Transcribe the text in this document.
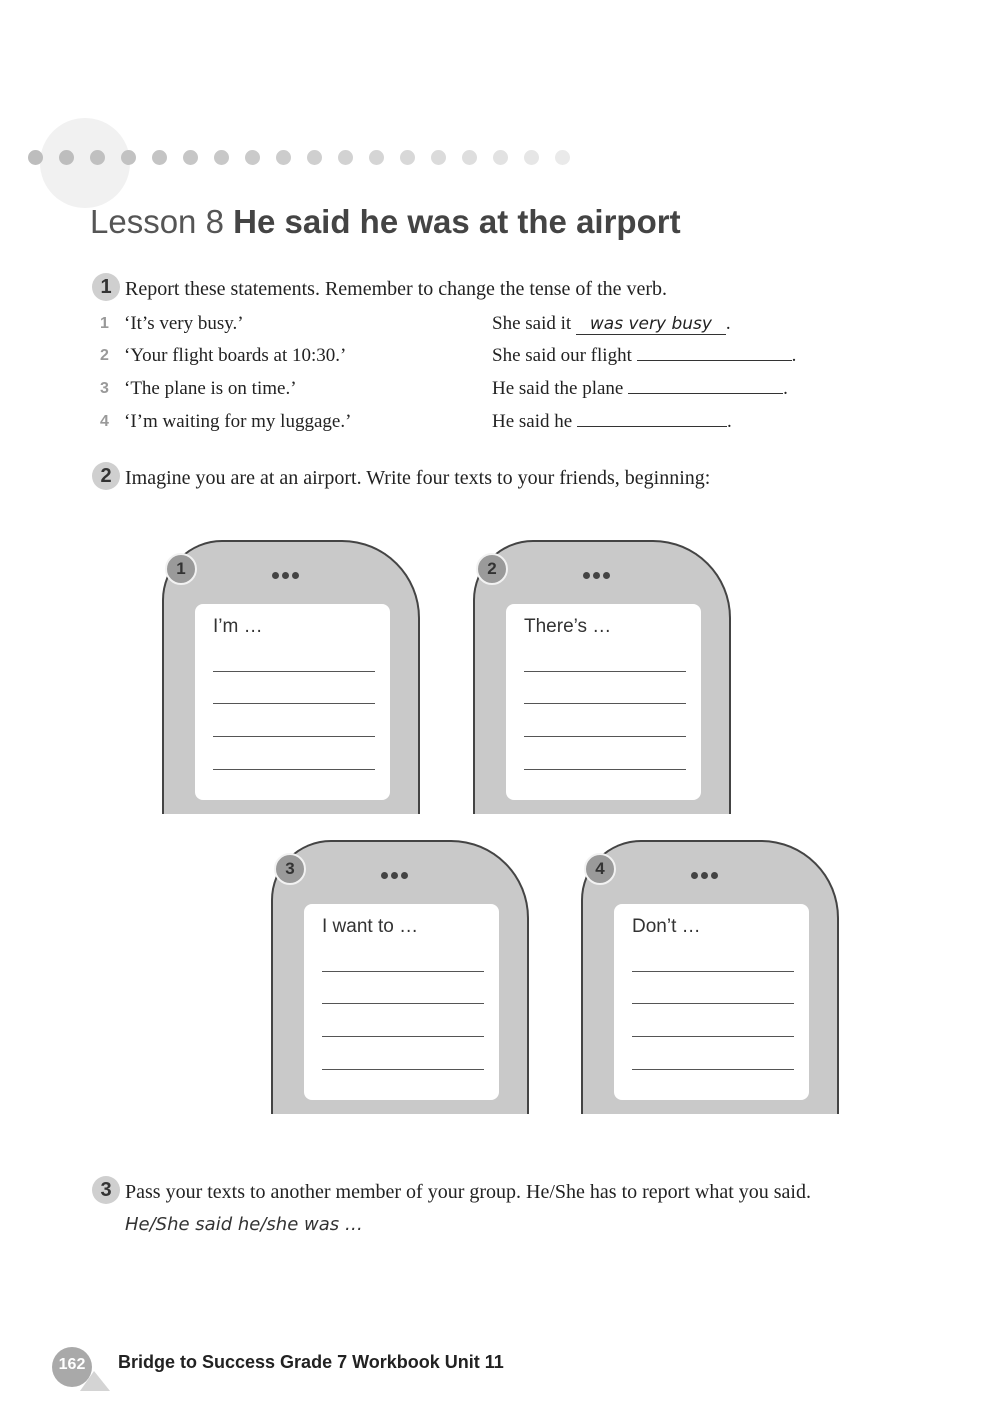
Lesson 8 He said he was at the airport
1 Report these statements. Remember to change the tense of the verb.
1 ‘It’s very busy.’	She said it was very busy .
2 ‘Your flight boards at 10:30.’	She said our flight	.
3 ‘The plane is on time.’	He said the plane	.
4 ‘I’m waiting for my luggage.’	He said he	.
2 Imagine you are at an airport. Write four texts to your friends, beginning:
1
I’m …
2
There’s …
3
I want to …
4
Don’t …
3 Pass your texts to another member of your group. He/She has to report what you said.
He/She said he/she was …
162	Bridge to Success Grade 7 Workbook Unit 11
